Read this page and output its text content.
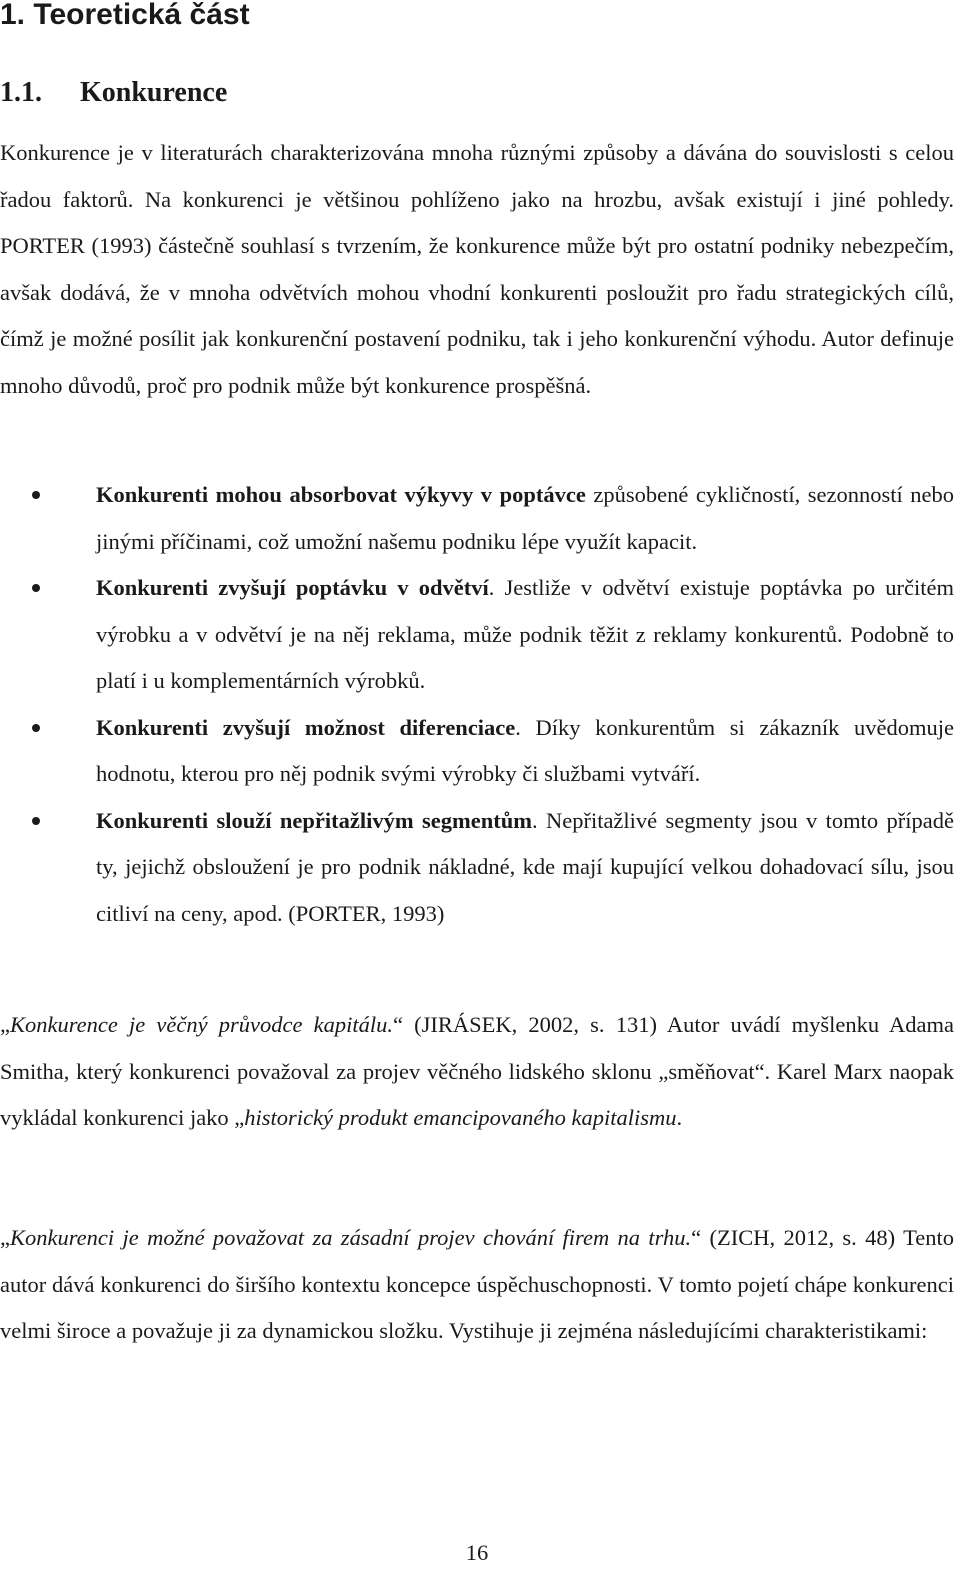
1. Teoretická část
1.1. Konkurence

Konkurence je v literaturách charakterizována mnoha různými způsoby a dávána do souvislosti s celou řadou faktorů. Na konkurenci je většinou pohlíženo jako na hrozbu, avšak existují i jiné pohledy. PORTER (1993) částečně souhlasí s tvrzením, že konkurence může být pro ostatní podniky nebezpečím, avšak dodává, že v mnoha odvětvích mohou vhodní konkurenti posloužit pro řadu strategických cílů, čímž je možné posílit jak konkurenční postavení podniku, tak i jeho konkurenční výhodu. Autor definuje mnoho důvodů, proč pro podnik může být konkurence prospěšná.

Konkurenti mohou absorbovat výkyvy v poptávce způsobené cykličností, sezonností nebo jinými příčinami, což umožní našemu podniku lépe využít kapacit.
Konkurenti zvyšují poptávku v odvětví. Jestliže v odvětví existuje poptávka po určitém výrobku a v odvětví je na něj reklama, může podnik těžit z reklamy konkurentů. Podobně to platí i u komplementárních výrobků.
Konkurenti zvyšují možnost diferenciace. Díky konkurentům si zákazník uvědomuje hodnotu, kterou pro něj podnik svými výrobky či službami vytváří.
Konkurenti slouží nepřitažlivým segmentům. Nepřitažlivé segmenty jsou v tomto případě ty, jejichž obsloužení je pro podnik nákladné, kde mají kupující velkou dohadovací sílu, jsou citliví na ceny, apod. (PORTER, 1993)

„Konkurence je věčný průvodce kapitálu.“ (JIRÁSEK, 2002, s. 131) Autor uvádí myšlenku Adama Smitha, který konkurenci považoval za projev věčného lidského sklonu „směňovat“. Karel Marx naopak vykládal konkurenci jako „historický produkt emancipovaného kapitalismu.

„Konkurenci je možné považovat za zásadní projev chování firem na trhu.“ (ZICH, 2012, s. 48) Tento autor dává konkurenci do širšího kontextu koncepce úspěchuschopnosti. V tomto pojetí chápe konkurenci velmi široce a považuje ji za dynamickou složku. Vystihuje ji zejména následujícími charakteristikami:

16
